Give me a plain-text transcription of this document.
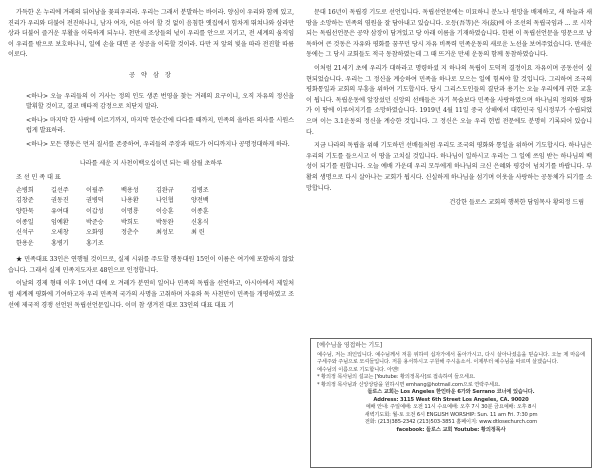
가득한 온 누리에 겨레의 뒤어남을 꽃피우리라. 우리는 그래서 분발하는 바이라. 양심이 우리와 함께 있고, 진리가 우리와 더불어 전진하나니, 남자 여자, 어른 아이 할 것 없이 음침한 옛집에서 힘차게 뛰쳐나와 삼라만상과 더불어 즐거운 부활을 이룩하게 되누나. 천만세 조상들의 넋이 우리를 안으로 지키고, 전 세계의 움직임이 우리를 밖으로 보호하나니, 일에 손을 대면 곧 성공을 이룩할 것이라. 다만 저 앞의 빛을 따라 전진할 따름이로다.

공 약 삼 장

<하나> 오늘 우리들의 이 거사는 정의 인도 생존 번영을 찾는 겨레의 요구이니, 오직 자유의 정신을 발휘할 것이고, 결코 배타적 감정으로 치닫지 말라.

<하나> 마지막 한 사람에 이르기까지, 마지막 한순간에 다다를 때까지, 민족의 올바른 의사를 시원스럽게 발표하라.

<하나> 모든 행동은 먼저 질서를 존중하여, 우리들의 주장과 태도가 어디까지나 공명정대하게 하라.

나라를 세운 지 사천이백오십이년 되는 해 삼월 초하루
조 선 민 족 대 표
손병희	길선주	이필주	백용성	김완규	김병조
김창준	권동진	권병덕	나용환	나인협	양전백
양한묵	유여대	이갑성	이명룡	이승훈	이종훈
이종일	임예환	박준승	박희도	박동완	신홍식
신석구	오세창	오화영	정춘수	최성모	최 린
한용운	홍병기	홍기조

★ 민족대표 33인은 연행될 것이므로, 실제 시위를 주도할 행동대원 15인이 이름은 여기에 포함하지 않았습니다. 그래서 실제 민족지도자로 48인으로 인정합니다.

이날의 경제 형태 이후 1여년 대에 오 겨레가 분연히 일어나 민족의 독립을 선언하고, 아시아에서 제일처럼 세계께 평화에 기여하고자 우리 민족적 국가의 사명을 고취하며 자유와 독 사천만이 민족들 개평하였고 조선에 제국적 경쟁 선언된 독립선언문입니다. 이미 참 생겨진 대로 33인의 대표 대표 기

문대 16년이 독립경 기도로 선언입니다. 독립선언문에는 미묘하니 분노나 원망을 배제하고, 새 하늘과 새 땅을 소망하는 민족의 염원을 잘 담아내고 있습니다. 오등(吾等)은 자(玆)에 아 조선의 독립국임과 ... 로 시작되는 독립선언문은 공약 삼장이 담겨있고 당 아래 이름을 기재하였습니다. 한편 이 독립선언문을 영문으로 낭독하여 큰 것동은 자유와 평화를 꿈꾸던 당시 자유 비폭력 민족운동의 새로운 노선을 보여주었습니다. 만세운동에는 그 당시 교회들도 적극 동참하였는데 그 때 뜨거운 만세 운동의 함께 동참하였습니다.

이처럼 21세기 초에 우리가 대하라고 명령하셨 지 하나의 독립이 도덕적 결정이요 자유이며 공동선이 실현되었습니다. 우리는 그 정신을 계승하여 민족을 하나로 모으는 일에 힘써야 할 것입니다. 그리하여 조국의 평화통일과 교회의 부흥을 위하여 기도합시다. 당시 그리스도인들의 결단과 용기는 오늘 우리에게 귀한 교훈이 됩니다. 독립운동에 앞장섰던 신앙의 선배들은 자기 목숨보다 민족을 사랑하였으며 하나님의 정의와 평화가 이 땅에 이루어지기를 소망하였습니다. 1919년 4월 11일 중국 상해에서 대한민국 임시정부가 수립되었으며 이는 3.1운동의 정신을 계승한 것입니다. 그 정신은 오늘 우리 헌법 전문에도 분명히 기록되어 있습니다.

지금 나라의 독립을 위해 기도하던 선배들처럼 우리도 조국의 평화와 통일을 위하여 기도합시다. 하나님은 우리의 기도를 들으시고 이 땅을 고치실 것입니다. 하나님이 일하시고 우리는 그 일에 쓰임 받는 하나님의 백성이 되기를 원합니다. 오늘 예배 가운데 우리 모두에게 하나님의 크신 은혜와 평강이 넘치기를 바랍니다. 부활의 생명으로 다시 살아나는 교회가 됩시다. 신실하게 하나님을 섬기며 이웃을 사랑하는 공동체가 되기를 소망합니다.

건강한 들로스 교회의 행복한 담임목사 황의정 드림
[예수님을 영접하는 기도]

예수님, 저는 죄인입니다. 예수님께서 저를 위하여 십자가에서 돌아가시고, 다시 살아나셨음을 믿습니다. 오늘 제 마음에 구세주와 주님으로 모셔들입니다. 저를 용서하시고 구원해 주시옵소서. 이제부터 예수님을 따르며 살겠습니다.

예수님의 이름으로 기도합니다. 아멘!

* 황의정 목사님의 설교는 [Youtube: 황의정목사]로 접속하여 들으세요.

* 황의정 목사님과 신앙상담을 원하시면 emhang@hotmail.com으로 연락주세요.

들로스 교회는 Los Angeles 한인타운 6가와 Serrano 코너에 있습니다.

Address: 3115 West 6th Street Los Angeles, CA. 90020

예배 안내: 주일예배: 오전 11시 수요예배: 오후 7시 30분 금요예배: 오후 8시

새벽기도회: 월-토 오전 6시 ENGLISH WORSHIP: Sun. 11 am Fri. 7:30 pm

전화: (213)385-2342 (213)503-3851 홈페이지: www.dtlosechurch.com

facebook: 들로스 교회 Youtube: 황의정목사
